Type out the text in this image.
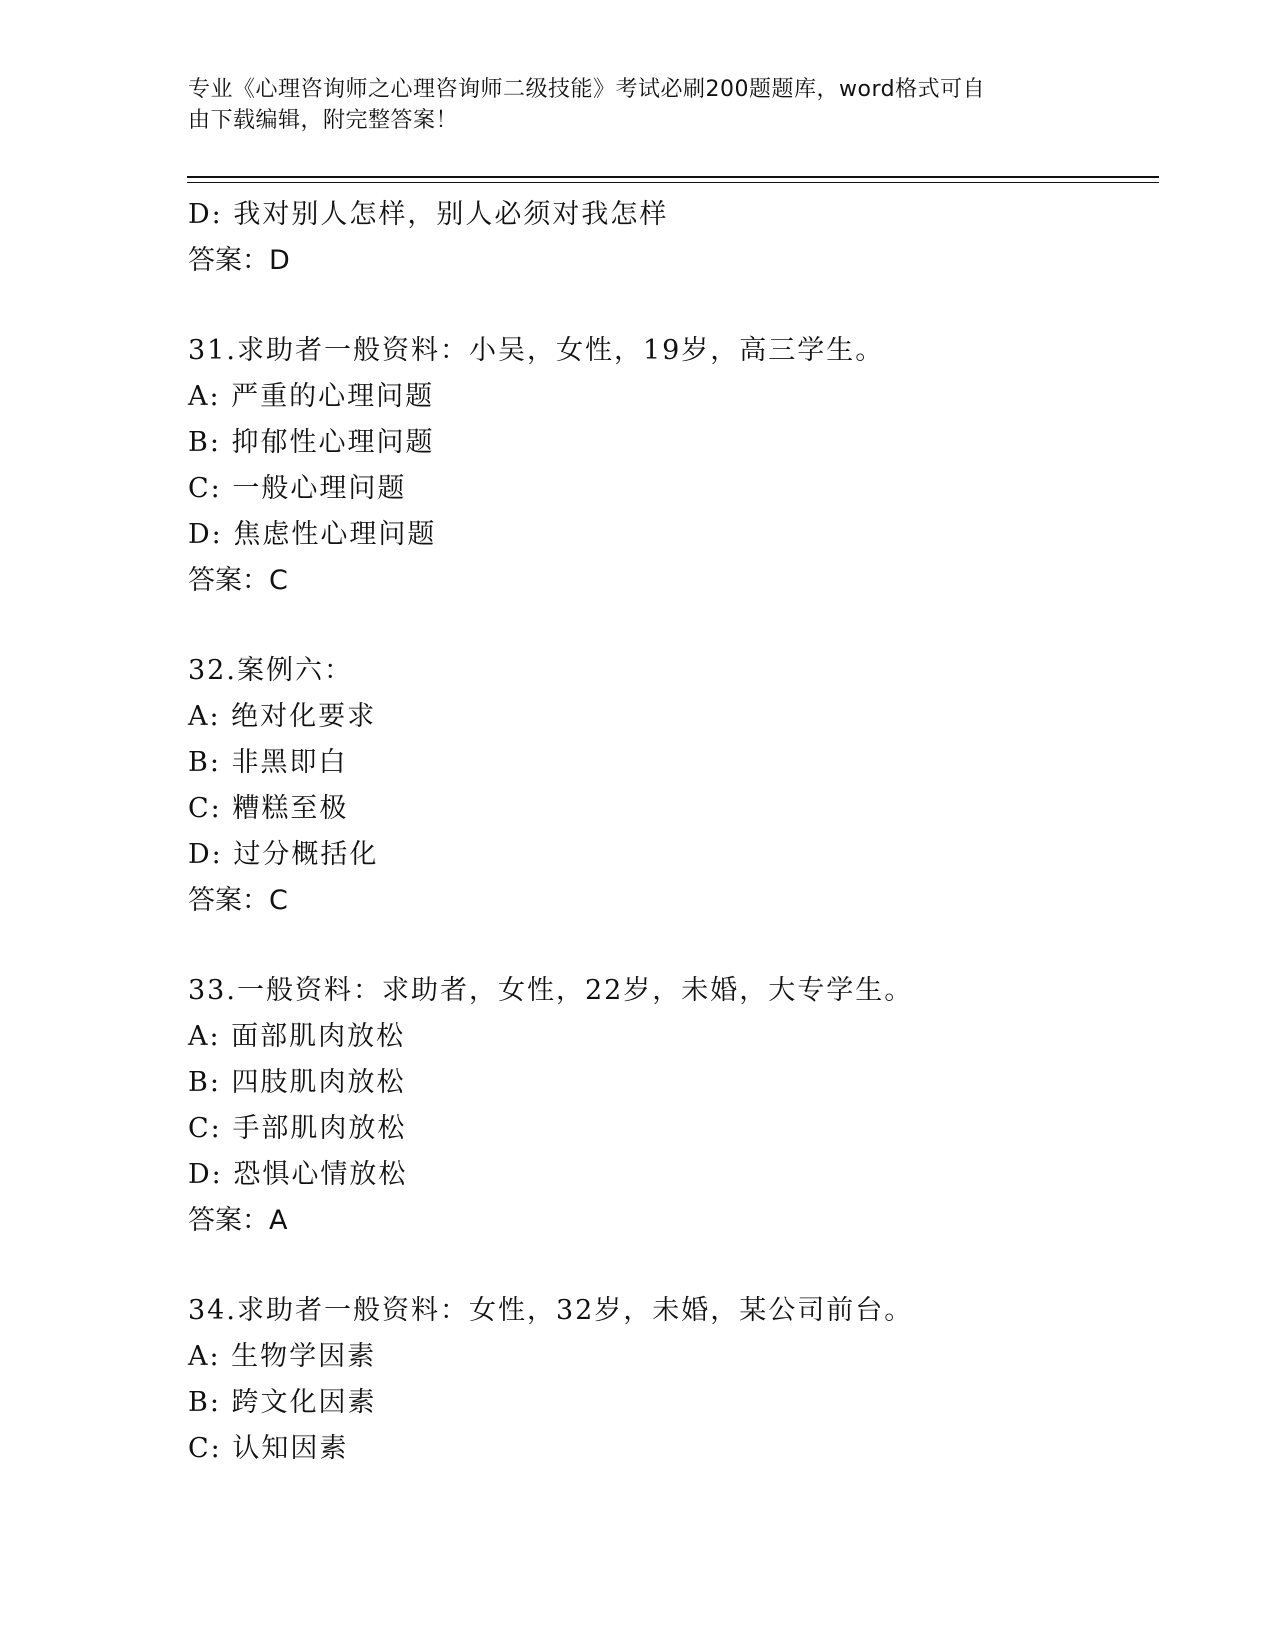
专业《心理咨询师之心理咨询师二级技能》考试必刷200题题库，word格式可自
由下载编辑，附完整答案！
D: 我对别人怎样，别人必须对我怎样
答案：D
31.求助者一般资料：小吴，女性，19岁，高三学生。
A: 严重的心理问题
B: 抑郁性心理问题
C: 一般心理问题
D: 焦虑性心理问题
答案：C
32.案例六：
A: 绝对化要求
B: 非黑即白
C: 糟糕至极
D: 过分概括化
答案：C
33.一般资料：求助者，女性，22岁，未婚，大专学生。
A: 面部肌肉放松
B: 四肢肌肉放松
C: 手部肌肉放松
D: 恐惧心情放松
答案：A
34.求助者一般资料：女性，32岁，未婚，某公司前台。
A: 生物学因素
B: 跨文化因素
C: 认知因素
